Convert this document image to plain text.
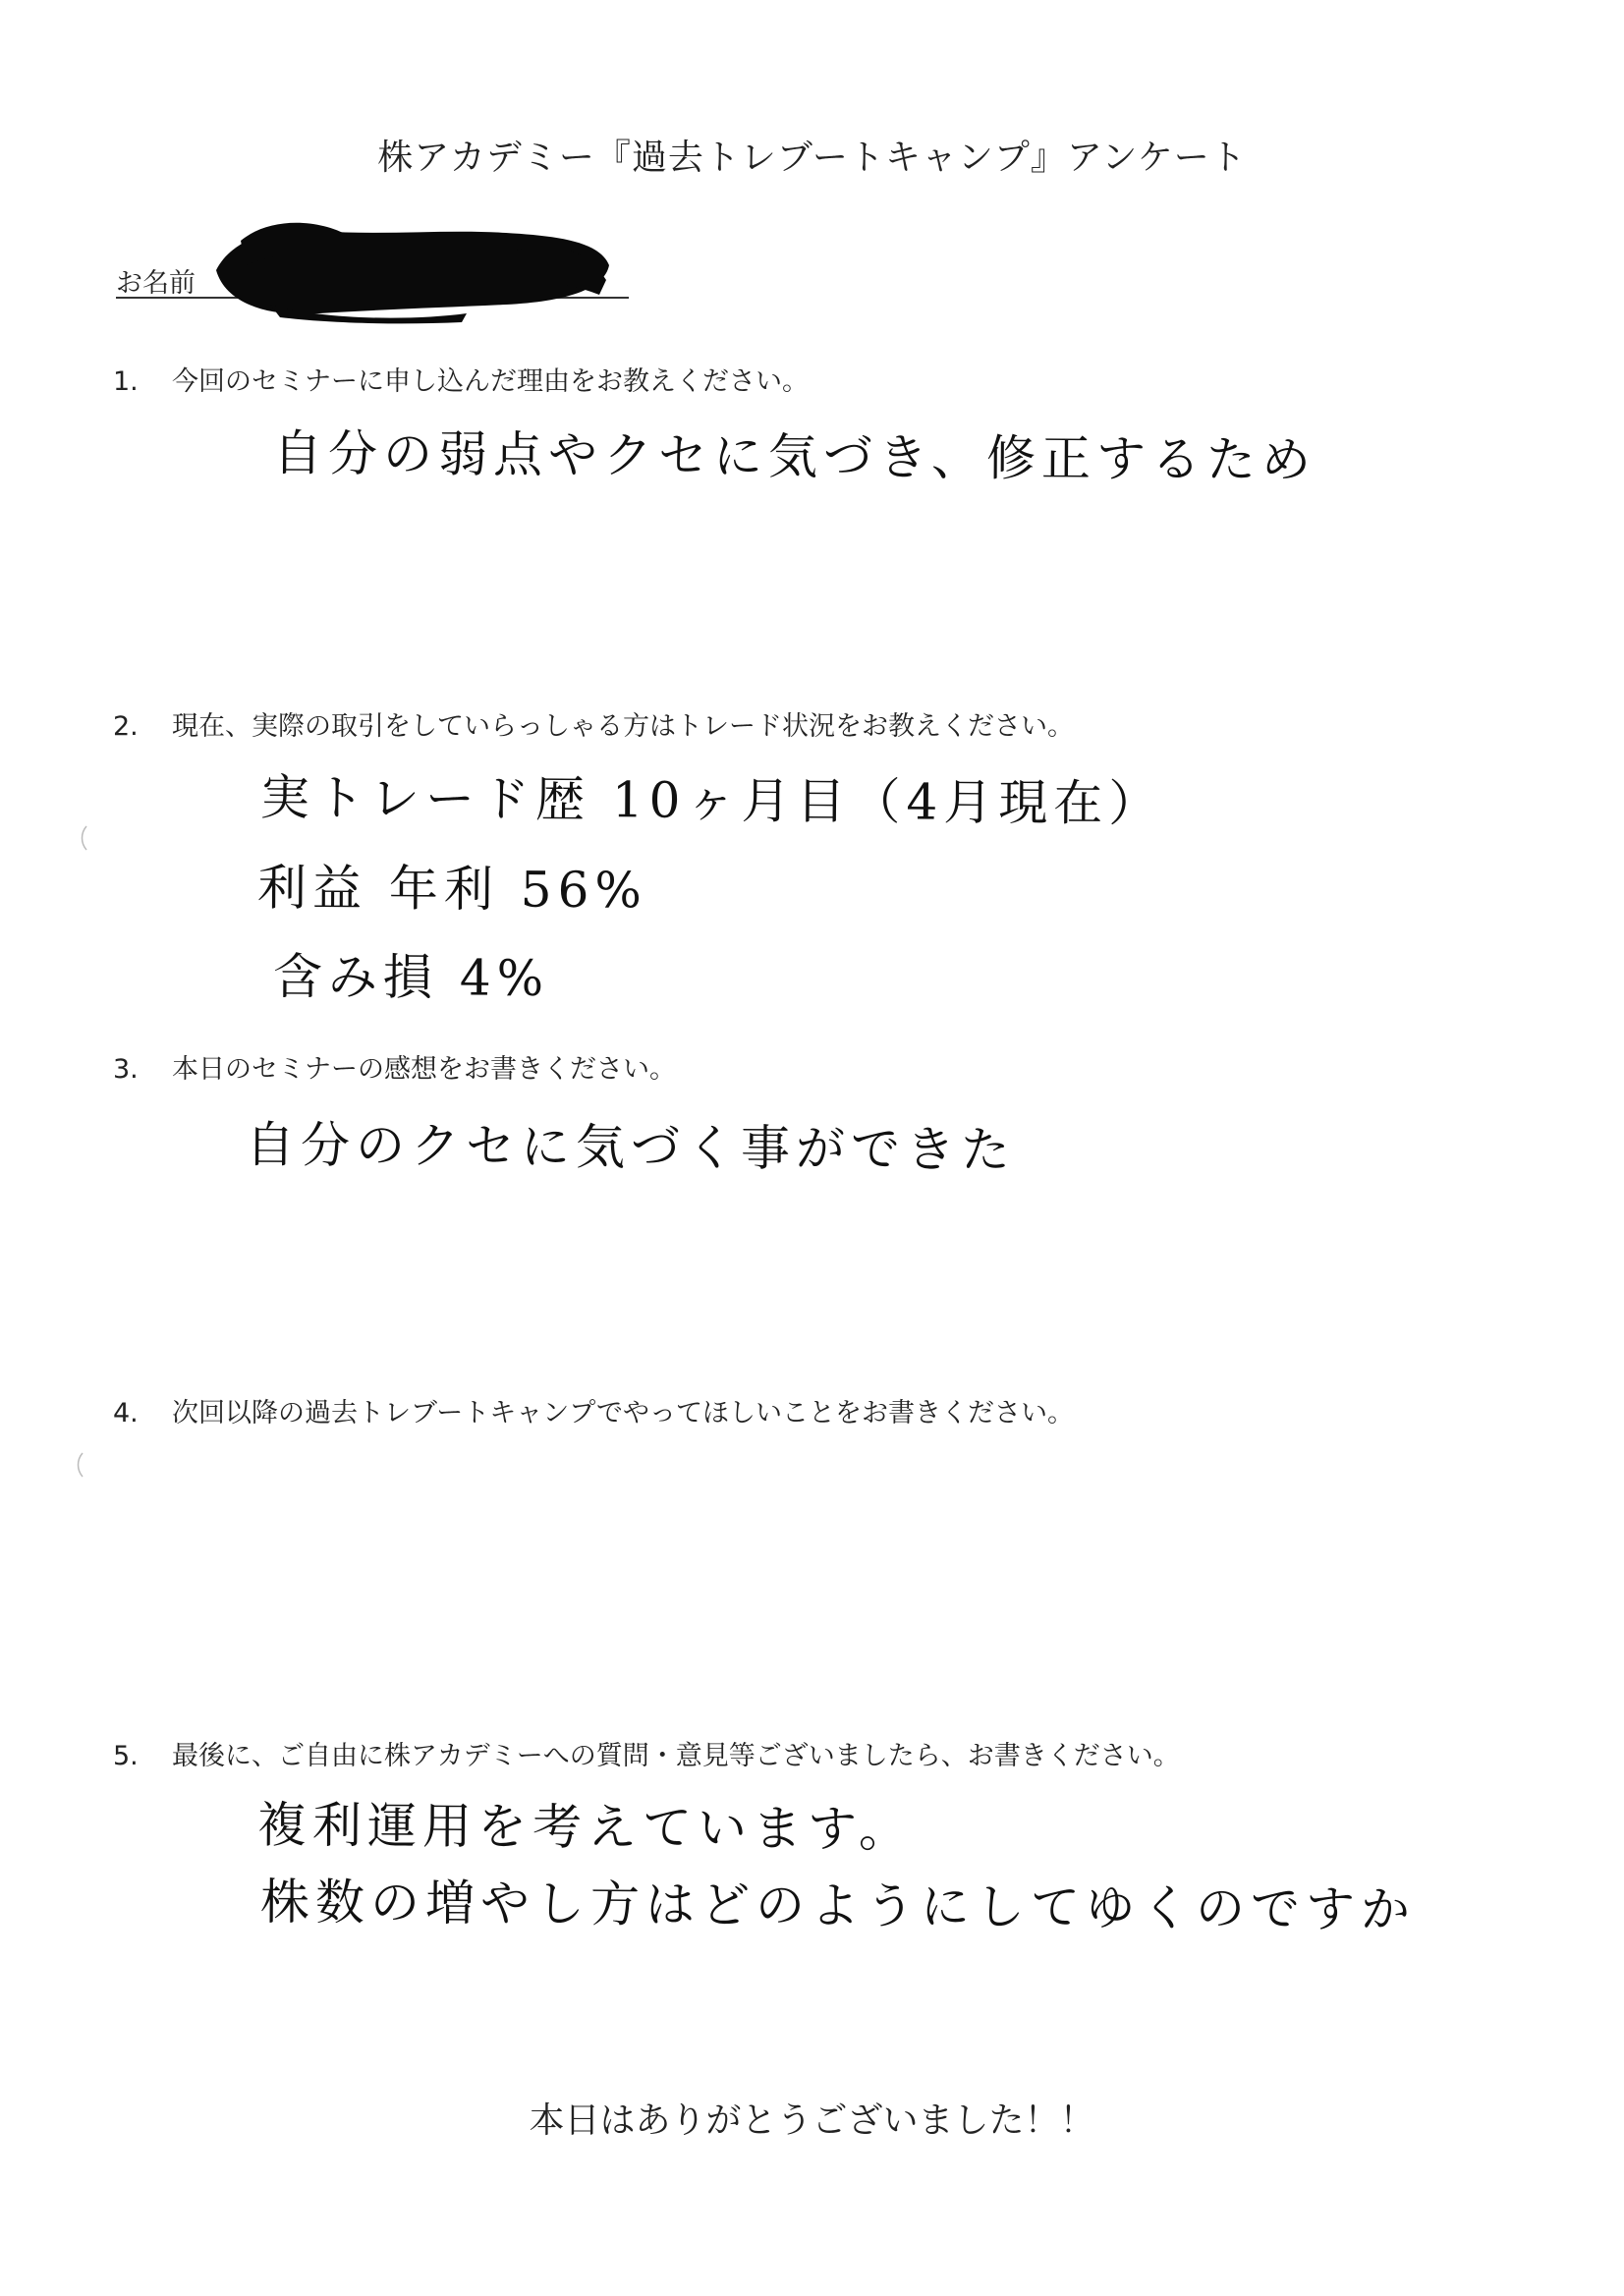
株アカデミー『過去トレブートキャンプ』アンケート
お名前
1. 今回のセミナーに申し込んだ理由をお教えください。
自分の弱点やクセに気づき、修正するため
2. 現在、実際の取引をしていらっしゃる方はトレード状況をお教えください。
実トレード歴 10ヶ月目（4月現在）
利益 年利 56%
含み損 4%
3. 本日のセミナーの感想をお書きください。
自分のクセに気づく事ができた
4. 次回以降の過去トレブートキャンプでやってほしいことをお書きください。
5. 最後に、ご自由に株アカデミーへの質問・意見等ございましたら、お書きください。
複利運用を考えています。
株数の増やし方はどのようにしてゆくのですか
本日はありがとうございました！！
